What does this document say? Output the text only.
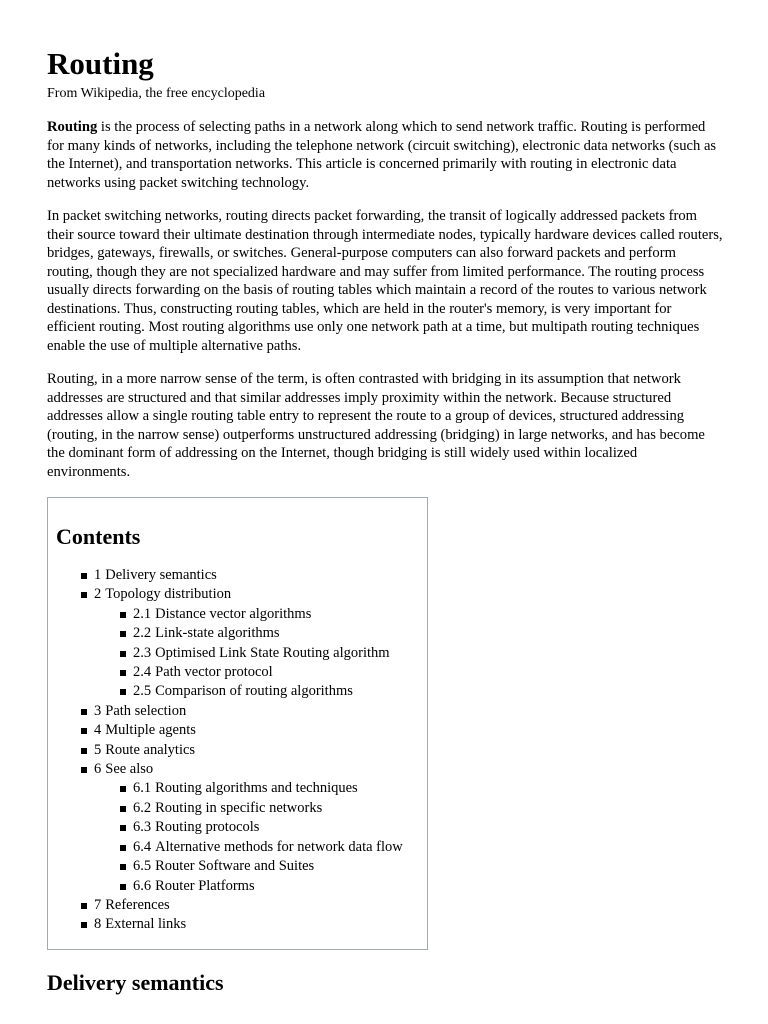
Routing
From Wikipedia, the free encyclopedia

Routing is the process of selecting paths in a network along which to send network traffic. Routing is performed for many kinds of networks, including the telephone network (circuit switching), electronic data networks (such as the Internet), and transportation networks. This article is concerned primarily with routing in electronic data networks using packet switching technology.

In packet switching networks, routing directs packet forwarding, the transit of logically addressed packets from their source toward their ultimate destination through intermediate nodes, typically hardware devices called routers, bridges, gateways, firewalls, or switches. General-purpose computers can also forward packets and perform routing, though they are not specialized hardware and may suffer from limited performance. The routing process usually directs forwarding on the basis of routing tables which maintain a record of the routes to various network destinations. Thus, constructing routing tables, which are held in the router's memory, is very important for efficient routing. Most routing algorithms use only one network path at a time, but multipath routing techniques enable the use of multiple alternative paths.

Routing, in a more narrow sense of the term, is often contrasted with bridging in its assumption that network addresses are structured and that similar addresses imply proximity within the network. Because structured addresses allow a single routing table entry to represent the route to a group of devices, structured addressing (routing, in the narrow sense) outperforms unstructured addressing (bridging) in large networks, and has become the dominant form of addressing on the Internet, though bridging is still widely used within localized environments.

Contents
1 Delivery semantics
2 Topology distribution
2.1 Distance vector algorithms
2.2 Link-state algorithms
2.3 Optimised Link State Routing algorithm
2.4 Path vector protocol
2.5 Comparison of routing algorithms
3 Path selection
4 Multiple agents
5 Route analytics
6 See also
6.1 Routing algorithms and techniques
6.2 Routing in specific networks
6.3 Routing protocols
6.4 Alternative methods for network data flow
6.5 Router Software and Suites
6.6 Router Platforms
7 References
8 External links
Delivery semantics
